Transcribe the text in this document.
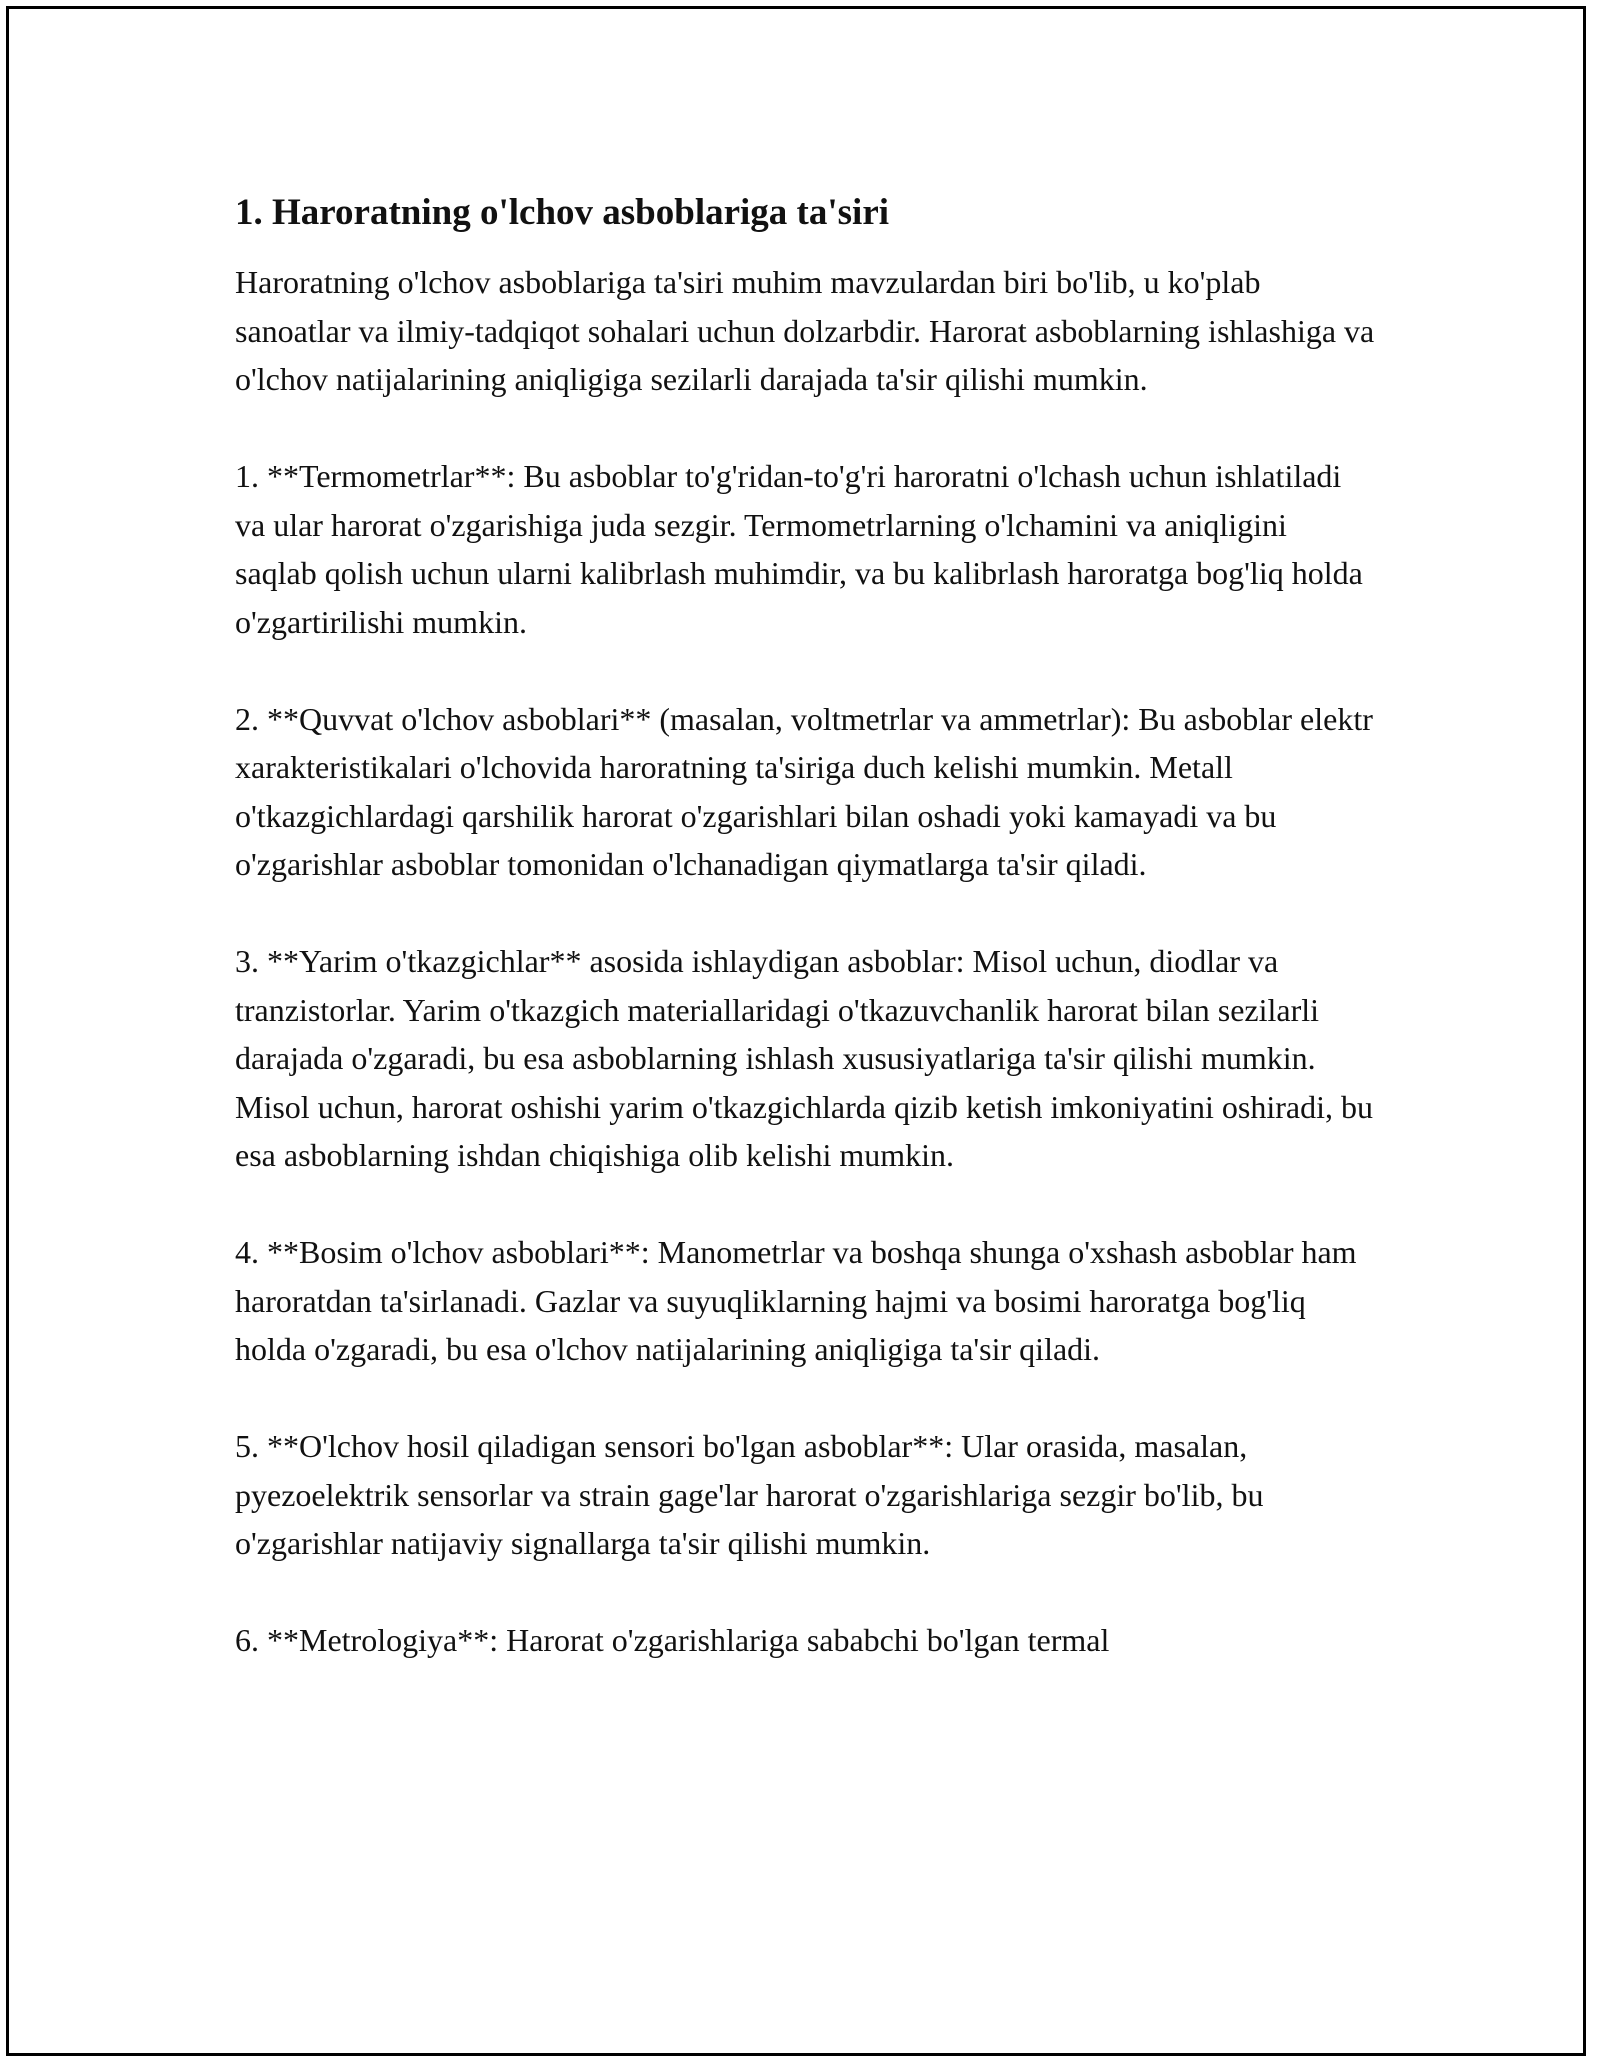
1. Haroratning o'lchov asboblariga ta'siri

Haroratning o'lchov asboblariga ta'siri muhim mavzulardan biri bo'lib, u ko'plab sanoatlar va ilmiy-tadqiqot sohalari uchun dolzarbdir. Harorat asboblarning ishlashiga va o'lchov natijalarining aniqligiga sezilarli darajada ta'sir qilishi mumkin.

1. **Termometrlar**: Bu asboblar to'g'ridan-to'g'ri haroratni o'lchash uchun ishlatiladi va ular harorat o'zgarishiga juda sezgir. Termometrlarning o'lchamini va aniqligini saqlab qolish uchun ularni kalibrlash muhimdir, va bu kalibrlash haroratga bog'liq holda o'zgartirilishi mumkin.

2. **Quvvat o'lchov asboblari** (masalan, voltmetrlar va ammetrlar): Bu asboblar elektr xarakteristikalari o'lchovida haroratning ta'siriga duch kelishi mumkin. Metall o'tkazgichlardagi qarshilik harorat o'zgarishlari bilan oshadi yoki kamayadi va bu o'zgarishlar asboblar tomonidan o'lchanadigan qiymatlarga ta'sir qiladi.

3. **Yarim o'tkazgichlar** asosida ishlaydigan asboblar: Misol uchun, diodlar va tranzistorlar. Yarim o'tkazgich materiallaridagi o'tkazuvchanlik harorat bilan sezilarli darajada o'zgaradi, bu esa asboblarning ishlash xususiyatlariga ta'sir qilishi mumkin. Misol uchun, harorat oshishi yarim o'tkazgichlarda qizib ketish imkoniyatini oshiradi, bu esa asboblarning ishdan chiqishiga olib kelishi mumkin.

4. **Bosim o'lchov asboblari**: Manometrlar va boshqa shunga o'xshash asboblar ham haroratdan ta'sirlanadi. Gazlar va suyuqliklarning hajmi va bosimi haroratga bog'liq holda o'zgaradi, bu esa o'lchov natijalarining aniqligiga ta'sir qiladi.

5. **O'lchov hosil qiladigan sensori bo'lgan asboblar**: Ular orasida, masalan, pyezoelektrik sensorlar va strain gage'lar harorat o'zgarishlariga sezgir bo'lib, bu o'zgarishlar natijaviy signallarga ta'sir qilishi mumkin.

6. **Metrologiya**: Harorat o'zgarishlariga sababchi bo'lgan termal
